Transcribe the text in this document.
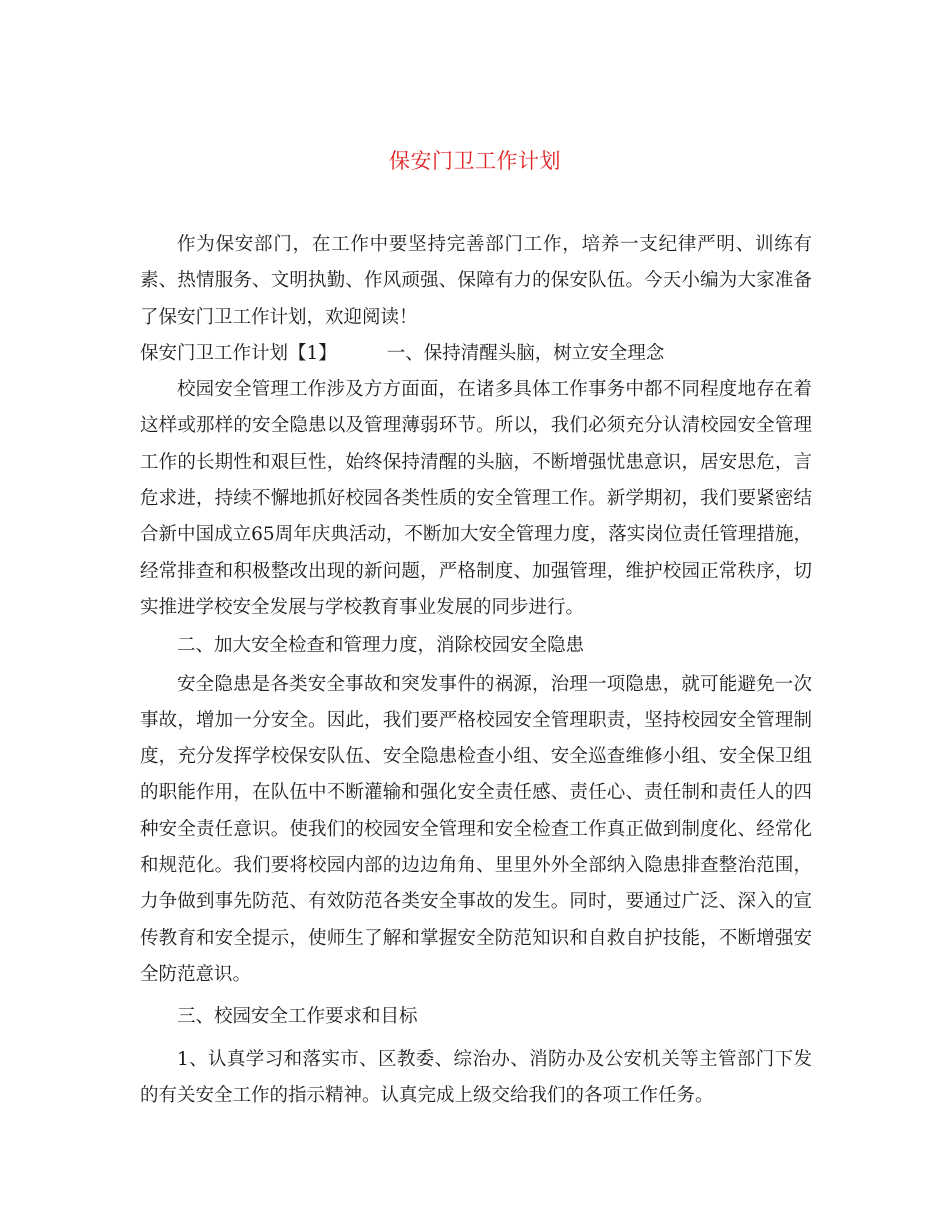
保安门卫工作计划

作为保安部门，在工作中要坚持完善部门工作，培养一支纪律严明、训练有素、热情服务、文明执勤、作风顽强、保障有力的保安队伍。今天小编为大家准备了保安门卫工作计划，欢迎阅读！

保安门卫工作计划【1】	一、保持清醒头脑，树立安全理念

校园安全管理工作涉及方方面面，在诸多具体工作事务中都不同程度地存在着这样或那样的安全隐患以及管理薄弱环节。所以，我们必须充分认清校园安全管理工作的长期性和艰巨性，始终保持清醒的头脑，不断增强忧患意识，居安思危，言危求进，持续不懈地抓好校园各类性质的安全管理工作。新学期初，我们要紧密结合新中国成立65周年庆典活动，不断加大安全管理力度，落实岗位责任管理措施，经常排查和积极整改出现的新问题，严格制度、加强管理，维护校园正常秩序，切实推进学校安全发展与学校教育事业发展的同步进行。

二、加大安全检查和管理力度，消除校园安全隐患

安全隐患是各类安全事故和突发事件的祸源，治理一项隐患，就可能避免一次事故，增加一分安全。因此，我们要严格校园安全管理职责，坚持校园安全管理制度，充分发挥学校保安队伍、安全隐患检查小组、安全巡查维修小组、安全保卫组的职能作用，在队伍中不断灌输和强化安全责任感、责任心、责任制和责任人的四种安全责任意识。使我们的校园安全管理和安全检查工作真正做到制度化、经常化和规范化。我们要将校园内部的边边角角、里里外外全部纳入隐患排查整治范围，力争做到事先防范、有效防范各类安全事故的发生。同时，要通过广泛、深入的宣传教育和安全提示，使师生了解和掌握安全防范知识和自救自护技能，不断增强安全防范意识。

三、校园安全工作要求和目标

1、认真学习和落实市、区教委、综治办、消防办及公安机关等主管部门下发的有关安全工作的指示精神。认真完成上级交给我们的各项工作任务。
